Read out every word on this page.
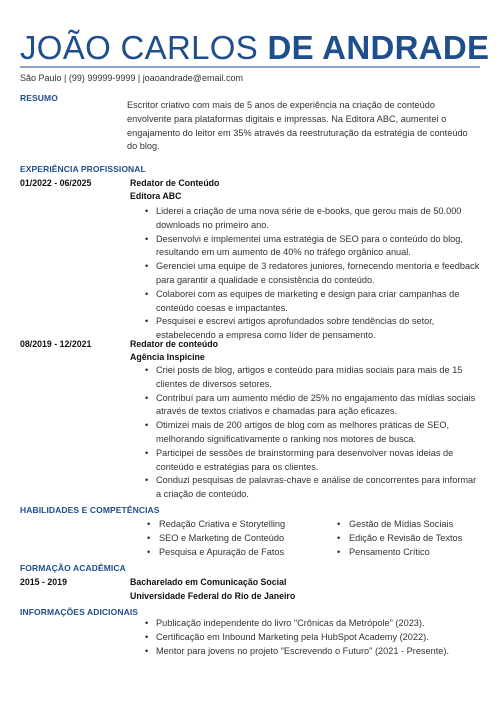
JOÃO CARLOS DE ANDRADE
São Paulo | (99) 99999-9999 | joaoandrade@email.com
RESUMO
Escritor criativo com mais de 5 anos de experiência na criação de conteúdo envolvente para plataformas digitais e impressas. Na Editora ABC, aumentei o engajamento do leitor em 35% através da reestruturação da estratégia de conteúdo do blog.
EXPERIÊNCIA PROFISSIONAL
01/2022 - 06/2025	Redator de Conteúdo
Editora ABC
• Liderei a criação de uma nova série de e-books, que gerou mais de 50.000 downloads no primeiro ano.
• Desenvolvi e implementei uma estratégia de SEO para o conteúdo do blog, resultando em um aumento de 40% no tráfego orgânico anual.
• Gerenciei uma equipe de 3 redatores juniores, fornecendo mentoria e feedback para garantir a qualidade e consistência do conteúdo.
• Colaborei com as equipes de marketing e design para criar campanhas de conteúdo coesas e impactantes.
• Pesquisei e escrevi artigos aprofundados sobre tendências do setor, estabelecendo a empresa como líder de pensamento.
08/2019 - 12/2021	Redator de conteúdo
Agência Inspicine
• Criei posts de blog, artigos e conteúdo para mídias sociais para mais de 15 clientes de diversos setores.
• Contribuí para um aumento médio de 25% no engajamento das mídias sociais através de textos criativos e chamadas para ação eficazes.
• Otimizei mais de 200 artigos de blog com as melhores práticas de SEO, melhorando significativamente o ranking nos motores de busca.
• Participei de sessões de brainstorming para desenvolver novas ideias de conteúdo e estratégias para os clientes.
• Conduzi pesquisas de palavras-chave e análise de concorrentes para informar a criação de conteúdo.
HABILIDADES E COMPETÊNCIAS
• Redação Criativa e Storytelling
• SEO e Marketing de Conteúdo
• Pesquisa e Apuração de Fatos
• Gestão de Mídias Sociais
• Edição e Revisão de Textos
• Pensamento Crítico
FORMAÇÃO ACADÊMICA
2015 - 2019	Bacharelado em Comunicação Social
Universidade Federal do Rio de Janeiro
INFORMAÇÕES ADICIONAIS
• Publicação independente do livro "Crônicas da Metrópole" (2023).
• Certificação em Inbound Marketing pela HubSpot Academy (2022).
• Mentor para jovens no projeto "Escrevendo o Futuro" (2021 - Presente).
